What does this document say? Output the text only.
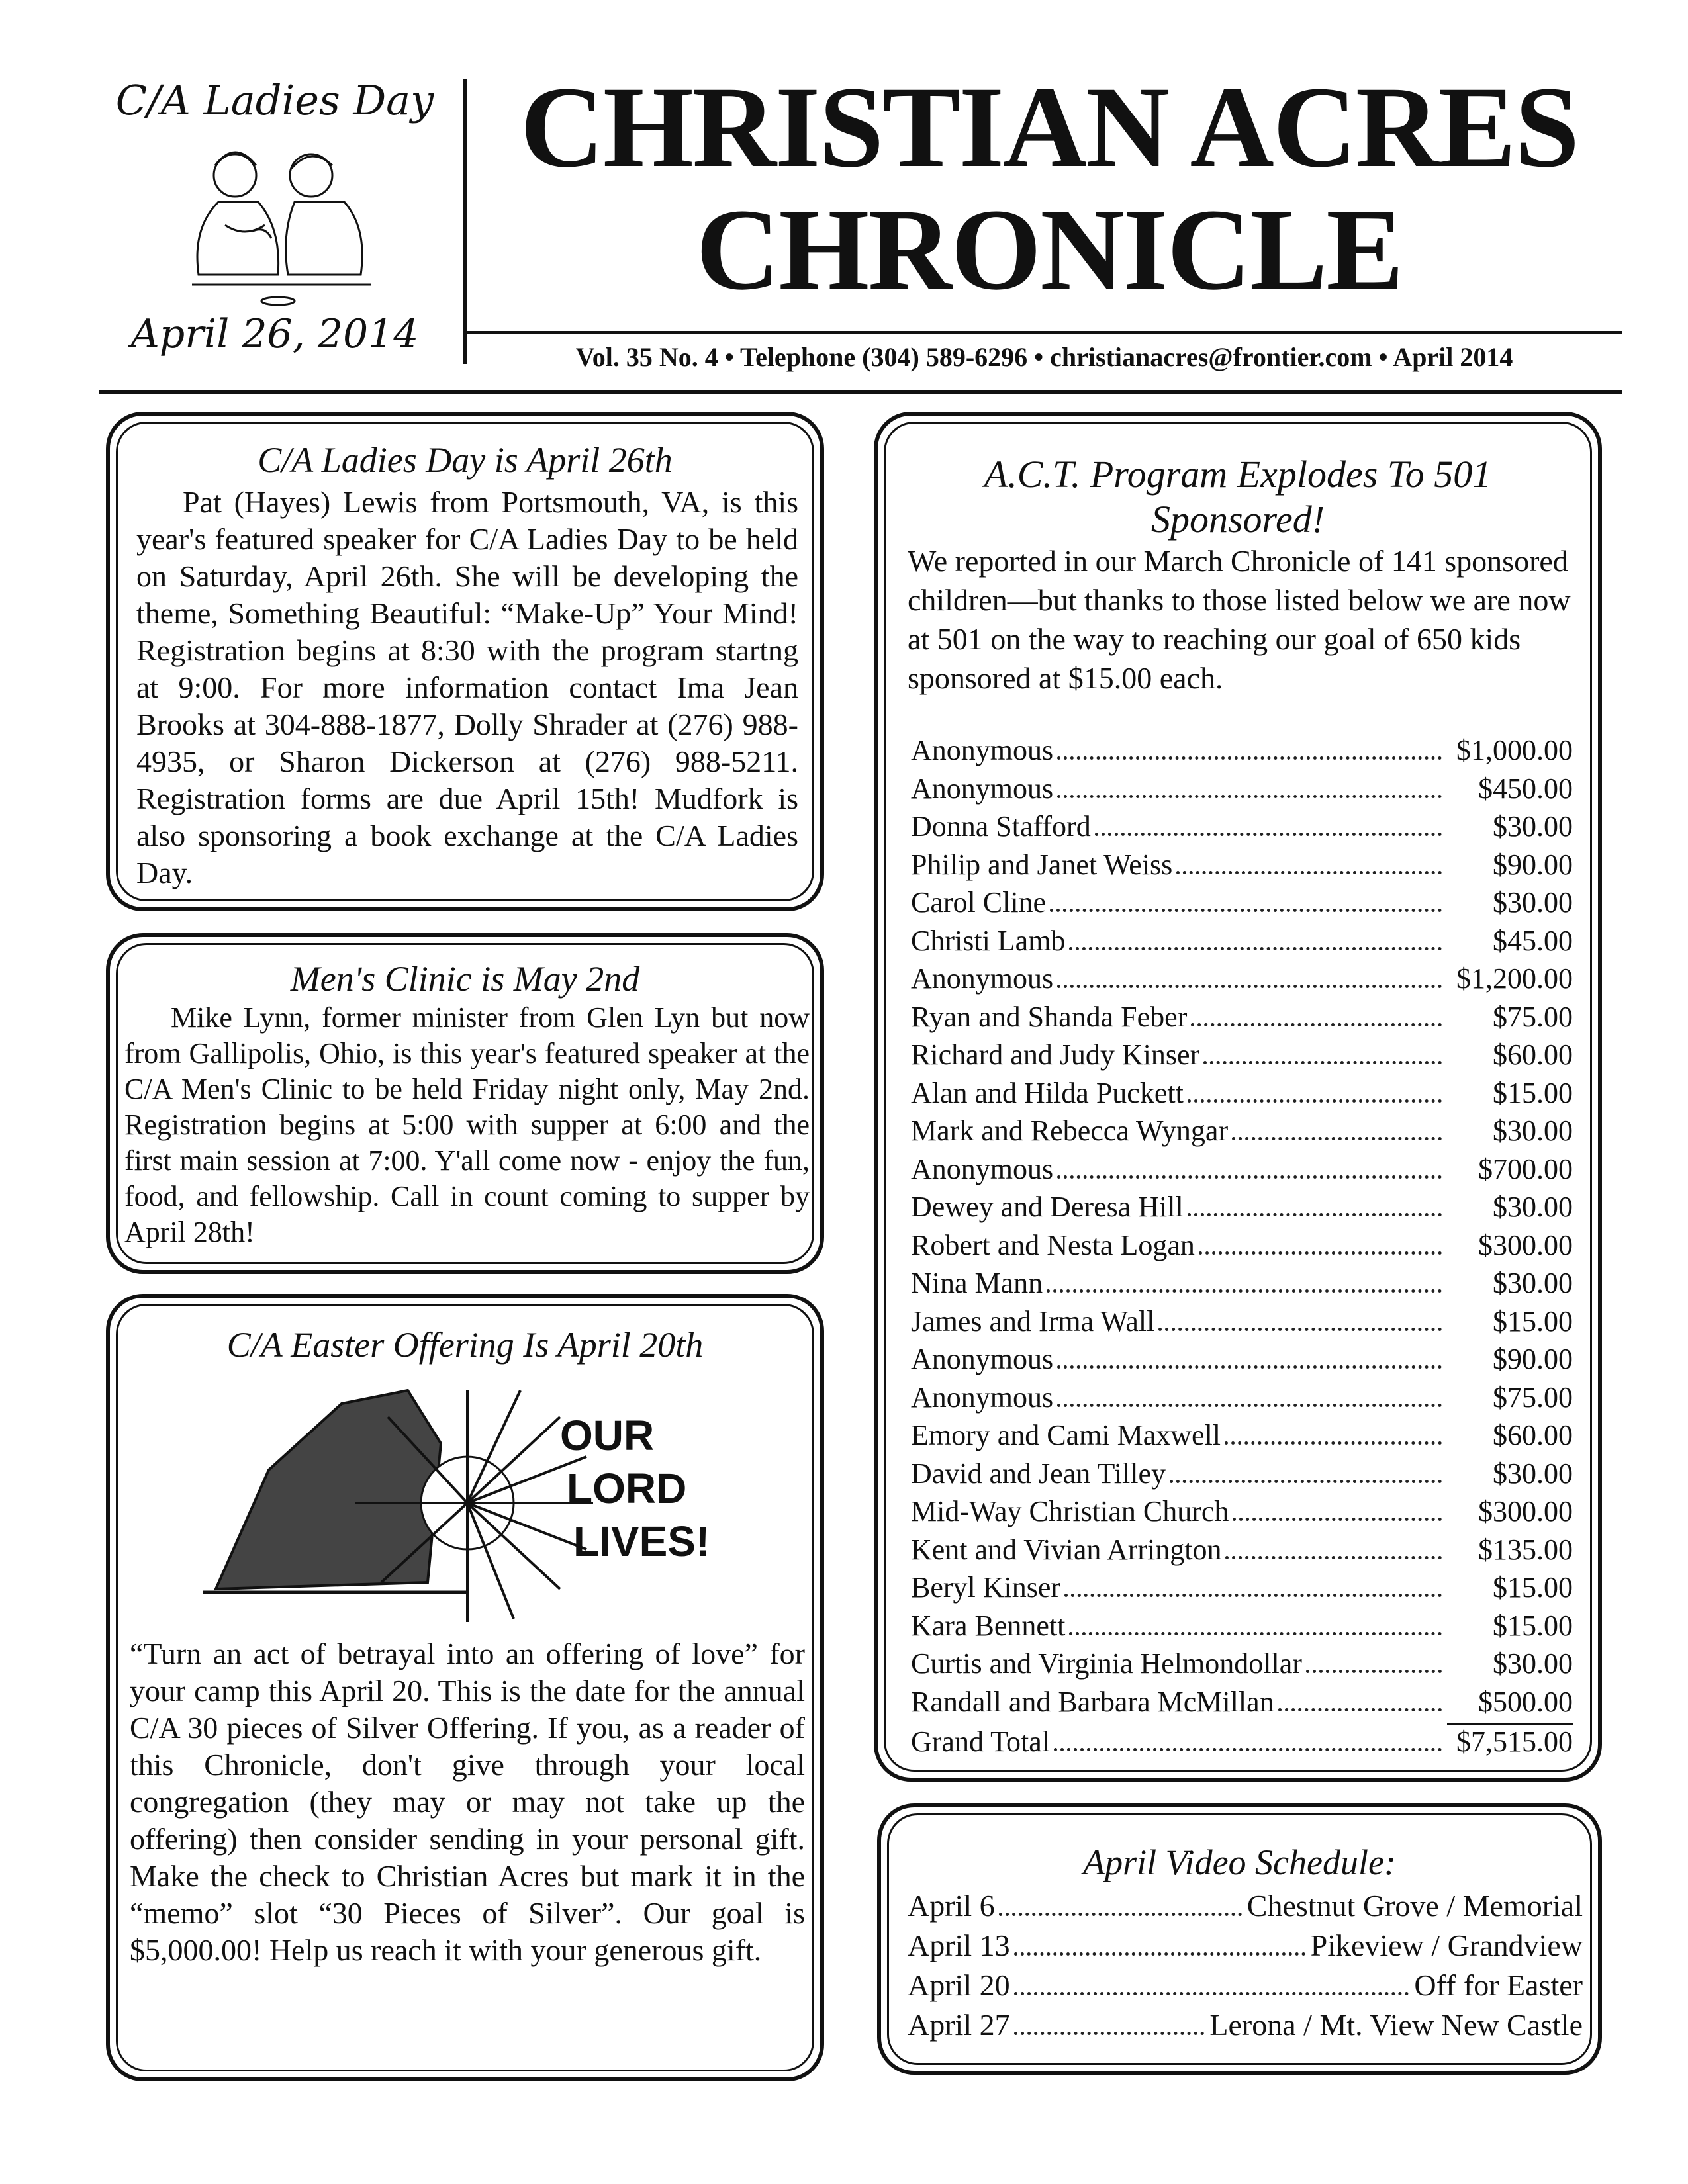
C/A Ladies Day
April 26, 2014
CHRISTIAN ACRES
CHRONICLE
Vol. 35 No. 4 • Telephone (304) 589-6296 • christianacres@frontier.com • April 2014
C/A Ladies Day is April 26th
Pat (Hayes) Lewis from Portsmouth, VA, is this year's featured speaker for C/A Ladies Day to be held on Saturday, April 26th. She will be developing the theme, Something Beautiful: “Make-Up” Your Mind! Registration begins at 8:30 with the program startng at 9:00. For more information contact Ima Jean Brooks at 304-888-1877, Dolly Shrader at (276) 988-4935, or Sharon Dickerson at (276) 988-5211. Registration forms are due April 15th! Mudfork is also sponsoring a book exchange at the C/A Ladies Day.
Men's Clinic is May 2nd
Mike Lynn, former minister from Glen Lyn but now from Gallipolis, Ohio, is this year's featured speaker at the C/A Men's Clinic to be held Friday night only, May 2nd. Registration begins at 5:00 with supper at 6:00 and the first main session at 7:00. Y'all come now - enjoy the fun, food, and fellowship. Call in count coming to supper by April 28th!
C/A Easter Offering Is April 20th
OUR LORD LIVES!
“Turn an act of betrayal into an offering of love” for your camp this April 20. This is the date for the annual C/A 30 pieces of Silver Offering. If you, as a reader of this Chronicle, don't give through your local congregation (they may or may not take up the offering) then consider sending in your personal gift. Make the check to Christian Acres but mark it in the “memo” slot “30 Pieces of Silver”. Our goal is $5,000.00! Help us reach it with your generous gift.
A.C.T. Program Explodes To 501
Sponsored!
We reported in our March Chronicle of 141 sponsored children—but thanks to those listed below we are now at 501 on the way to reaching our goal of 650 kids sponsored at $15.00 each.
Anonymous	$1,000.00
Anonymous	$450.00
Donna Stafford	$30.00
Philip and Janet Weiss	$90.00
Carol Cline	$30.00
Christi Lamb	$45.00
Anonymous	$1,200.00
Ryan and Shanda Feber	$75.00
Richard and Judy Kinser	$60.00
Alan and Hilda Puckett	$15.00
Mark and Rebecca Wyngar	$30.00
Anonymous	$700.00
Dewey and Deresa Hill	$30.00
Robert and Nesta Logan	$300.00
Nina Mann	$30.00
James and Irma Wall	$15.00
Anonymous	$90.00
Anonymous	$75.00
Emory and Cami Maxwell	$60.00
David and Jean Tilley	$30.00
Mid-Way Christian Church	$300.00
Kent and Vivian Arrington	$135.00
Beryl Kinser	$15.00
Kara Bennett	$15.00
Curtis and Virginia Helmondollar	$30.00
Randall and Barbara McMillan	$500.00
Grand Total	$7,515.00
April Video Schedule:
April 6	Chestnut Grove / Memorial
April 13	Pikeview / Grandview
April 20	Off for Easter
April 27	Lerona / Mt. View New Castle
